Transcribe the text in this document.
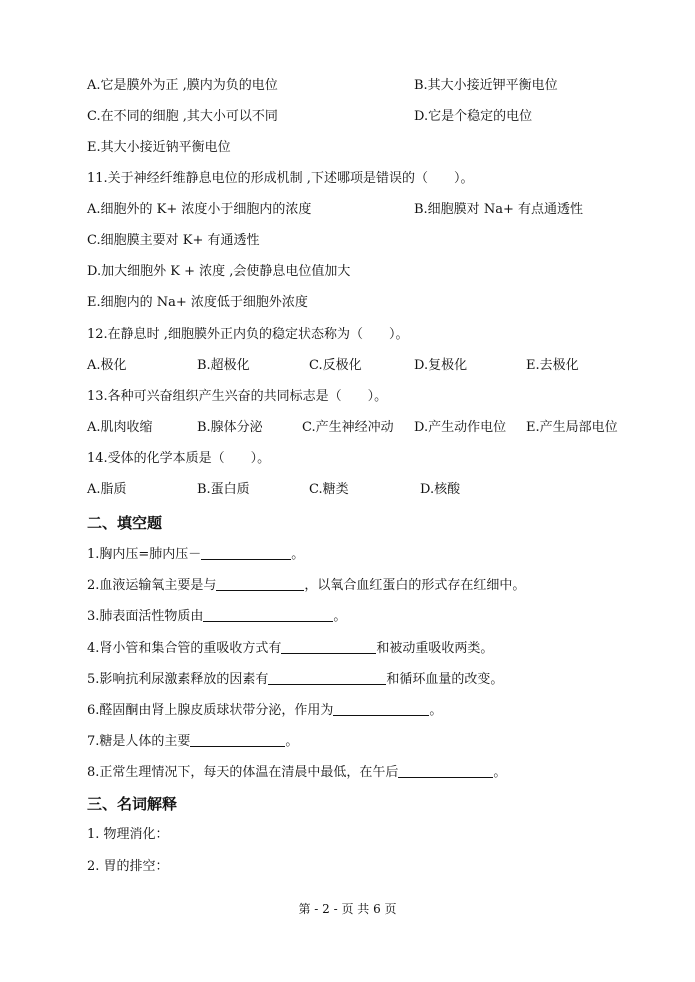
A.它是膜外为正 ,膜内为负的电位	B.其大小接近钾平衡电位
C.在不同的细胞 ,其大小可以不同	D.它是个稳定的电位
E.其大小接近钠平衡电位
11.关于神经纤维静息电位的形成机制 ,下述哪项是错误的（　　）。
A.细胞外的 K+ 浓度小于细胞内的浓度	B.细胞膜对 Na+ 有点通透性
C.细胞膜主要对 K+ 有通透性
D.加大细胞外 K + 浓度 ,会使静息电位值加大
E.细胞内的 Na+ 浓度低于细胞外浓度
12.在静息时 ,细胞膜外正内负的稳定状态称为（　　）。
A.极化	B.超极化	C.反极化	D.复极化	E.去极化
13.各种可兴奋组织产生兴奋的共同标志是（　　）。
A.肌肉收缩	B.腺体分泌	C.产生神经冲动 D.产生动作电位 E.产生局部电位
14.受体的化学本质是（　　）。
A.脂质	B.蛋白质	C.糖类	D.核酸
二、填空题
1.胸内压=肺内压－	。
2.血液运输氧主要是与	，以氧合血红蛋白的形式存在红细中。
3.肺表面活性物质由	。
4.肾小管和集合管的重吸收方式有	和被动重吸收两类。
5.影响抗利尿激素释放的因素有	和循环血量的改变。
6.醛固酮由肾上腺皮质球状带分泌，作用为	。
7.糖是人体的主要	。
8.正常生理情况下，每天的体温在清晨中最低，在午后	。
三、名词解释
1. 物理消化：
2. 胃的排空：
第 - 2 - 页 共 6 页
